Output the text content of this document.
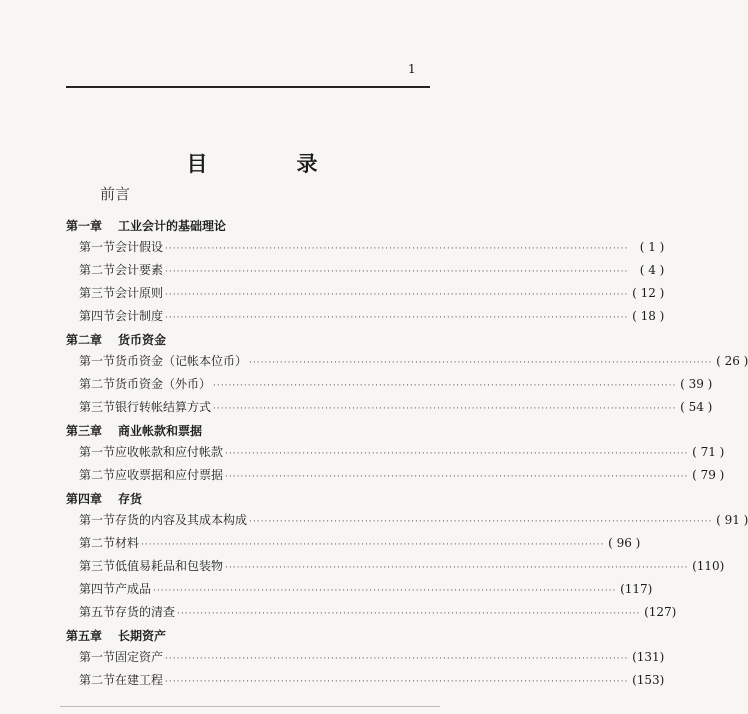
1
目　录
前言
第一章 工业会计的基础理论
第一节 会计假设 ························································································································ ( 1 )
第二节 会计要素 ························································································································ ( 4 )
第三节 会计原则 ························································································································ ( 12 )
第四节 会计制度 ························································································································ ( 18 )
第二章 货币资金
第一节 货币资金（记帐本位币） ························································································································ ( 26 )
第二节 货币资金（外币） ························································································································ ( 39 )
第三节 银行转帐结算方式 ························································································································ ( 54 )
第三章 商业帐款和票据
第一节 应收帐款和应付帐款 ························································································································ ( 71 )
第二节 应收票据和应付票据 ························································································································ ( 79 )
第四章 存货
第一节 存货的内容及其成本构成 ························································································································ ( 91 )
第二节 材料 ························································································································ ( 96 )
第三节 低值易耗品和包装物 ························································································································ (110)
第四节 产成品 ························································································································ (117)
第五节 存货的清查 ························································································································ (127)
第五章 长期资产
第一节 固定资产 ························································································································ (131)
第二节 在建工程 ························································································································ (153)
